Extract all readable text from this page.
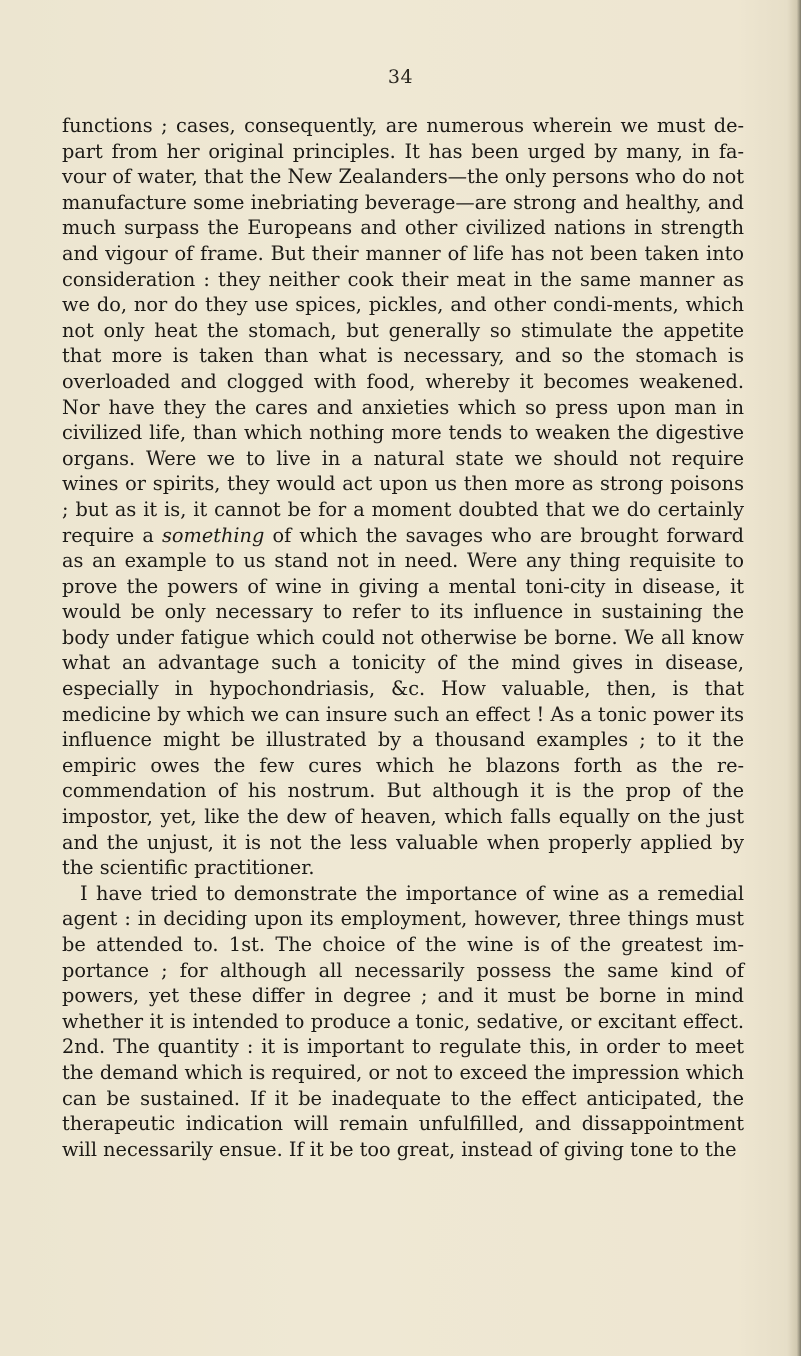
34

functions ; cases, consequently, are numerous wherein we must de-part from her original principles. It has been urged by many, in fa-vour of water, that the New Zealanders—the only persons who do not manufacture some inebriating beverage—are strong and healthy, and much surpass the Europeans and other civilized nations in strength and vigour of frame. But their manner of life has not been taken into consideration : they neither cook their meat in the same manner as we do, nor do they use spices, pickles, and other condi-ments, which not only heat the stomach, but generally so stimulate the appetite that more is taken than what is necessary, and so the stomach is overloaded and clogged with food, whereby it becomes weakened. Nor have they the cares and anxieties which so press upon man in civilized life, than which nothing more tends to weaken the digestive organs. Were we to live in a natural state we should not require wines or spirits, they would act upon us then more as strong poisons ; but as it is, it cannot be for a moment doubted that we do certainly require a something of which the savages who are brought forward as an example to us stand not in need. Were any thing requisite to prove the powers of wine in giving a mental toni-city in disease, it would be only necessary to refer to its influence in sustaining the body under fatigue which could not otherwise be borne. We all know what an advantage such a tonicity of the mind gives in disease, especially in hypochondriasis, &c. How valuable, then, is that medicine by which we can insure such an effect ! As a tonic power its influence might be illustrated by a thousand examples ; to it the empiric owes the few cures which he blazons forth as the re-commendation of his nostrum. But although it is the prop of the impostor, yet, like the dew of heaven, which falls equally on the just and the unjust, it is not the less valuable when properly applied by the scientific practitioner.

I have tried to demonstrate the importance of wine as a remedial agent : in deciding upon its employment, however, three things must be attended to. 1st. The choice of the wine is of the greatest im-portance ; for although all necessarily possess the same kind of powers, yet these differ in degree ; and it must be borne in mind whether it is intended to produce a tonic, sedative, or excitant effect. 2nd. The quantity : it is important to regulate this, in order to meet the demand which is required, or not to exceed the impression which can be sustained. If it be inadequate to the effect anticipated, the therapeutic indication will remain unfulfilled, and dissappointment will necessarily ensue. If it be too great, instead of giving tone to the
